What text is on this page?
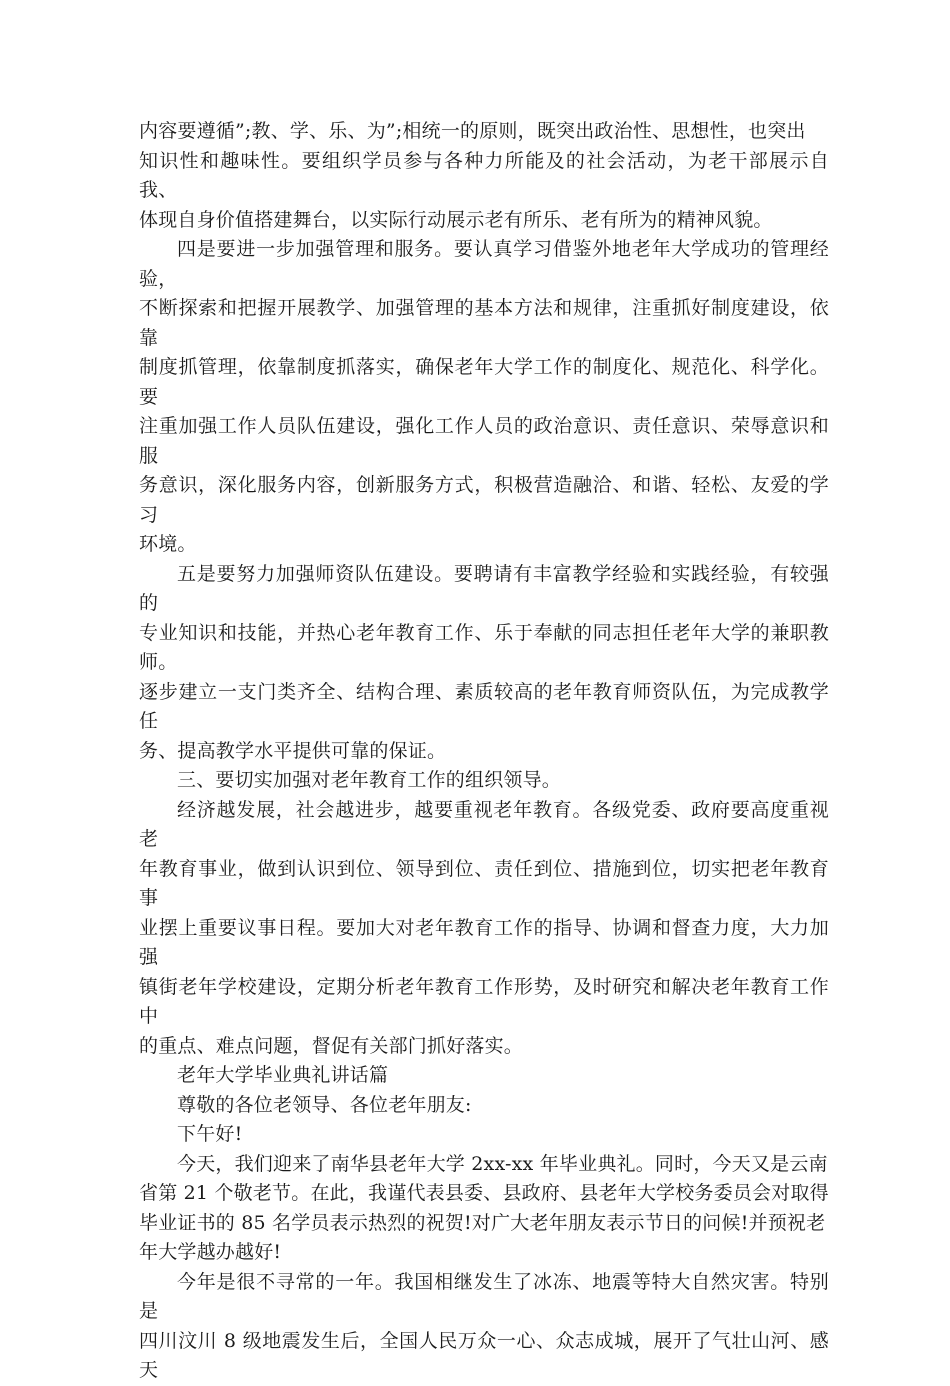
内容要遵循”;教、学、乐、为”;相统一的原则，既突出政治性、思想性，也突出
知识性和趣味性。要组织学员参与各种力所能及的社会活动，为老干部展示自我、
体现自身价值搭建舞台，以实际行动展示老有所乐、老有所为的精神风貌。

四是要进一步加强管理和服务。要认真学习借鉴外地老年大学成功的管理经验，
不断探索和把握开展教学、加强管理的基本方法和规律，注重抓好制度建设，依靠
制度抓管理，依靠制度抓落实，确保老年大学工作的制度化、规范化、科学化。要
注重加强工作人员队伍建设，强化工作人员的政治意识、责任意识、荣辱意识和服
务意识，深化服务内容，创新服务方式，积极营造融洽、和谐、轻松、友爱的学习
环境。

五是要努力加强师资队伍建设。要聘请有丰富教学经验和实践经验，有较强的
专业知识和技能，并热心老年教育工作、乐于奉献的同志担任老年大学的兼职教师。
逐步建立一支门类齐全、结构合理、素质较高的老年教育师资队伍，为完成教学任
务、提高教学水平提供可靠的保证。

三、要切实加强对老年教育工作的组织领导。

经济越发展，社会越进步，越要重视老年教育。各级党委、政府要高度重视老
年教育事业，做到认识到位、领导到位、责任到位、措施到位，切实把老年教育事
业摆上重要议事日程。要加大对老年教育工作的指导、协调和督查力度，大力加强
镇街老年学校建设，定期分析老年教育工作形势，及时研究和解决老年教育工作中
的重点、难点问题，督促有关部门抓好落实。

老年大学毕业典礼讲话篇

尊敬的各位老领导、各位老年朋友:

下午好!

今天，我们迎来了南华县老年大学 2xx-xx 年毕业典礼。同时，今天又是云南
省第 21 个敬老节。在此，我谨代表县委、县政府、县老年大学校务委员会对取得
毕业证书的 85 名学员表示热烈的祝贺!对广大老年朋友表示节日的问候!并预祝老
年大学越办越好!

今年是很不寻常的一年。我国相继发生了冰冻、地震等特大自然灾害。特别是
四川汶川 8 级地震发生后，全国人民万众一心、众志成城，展开了气壮山河、感天
